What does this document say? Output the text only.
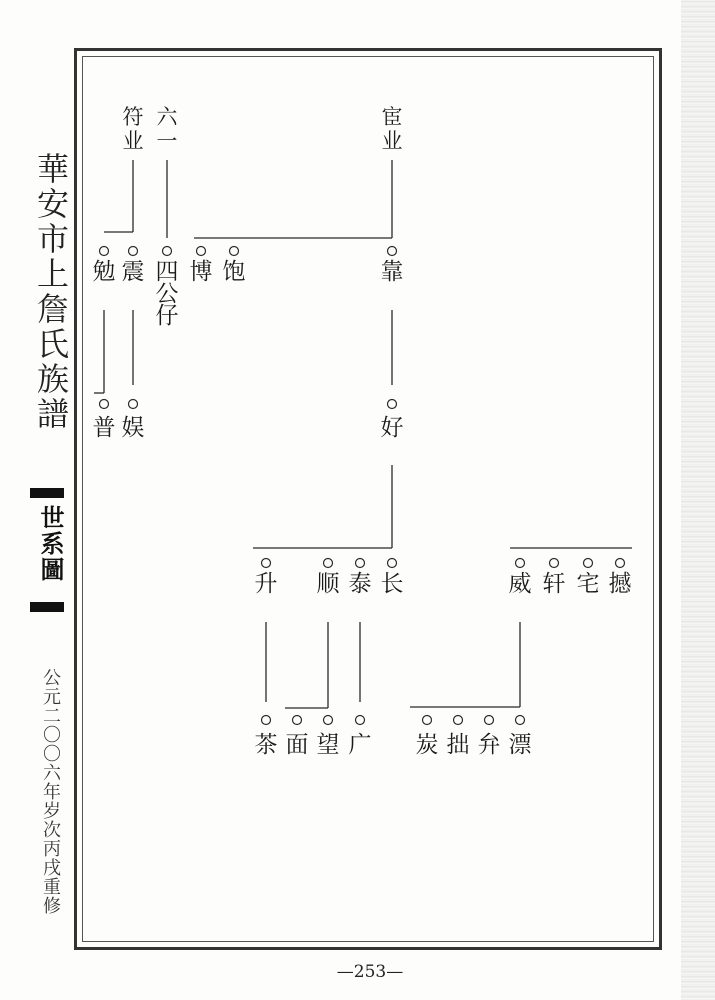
華安市上詹氏族譜
世系圖
公元二〇〇六年岁次丙戌重修
符
业
六
一
宦
业
勉 震 四
公
仔
博 饱	靠
普 娱	好
升 顺 泰 长	威 轩 宅 撼
茶 面 望 广 炭 拙 弁 漂
—253—
